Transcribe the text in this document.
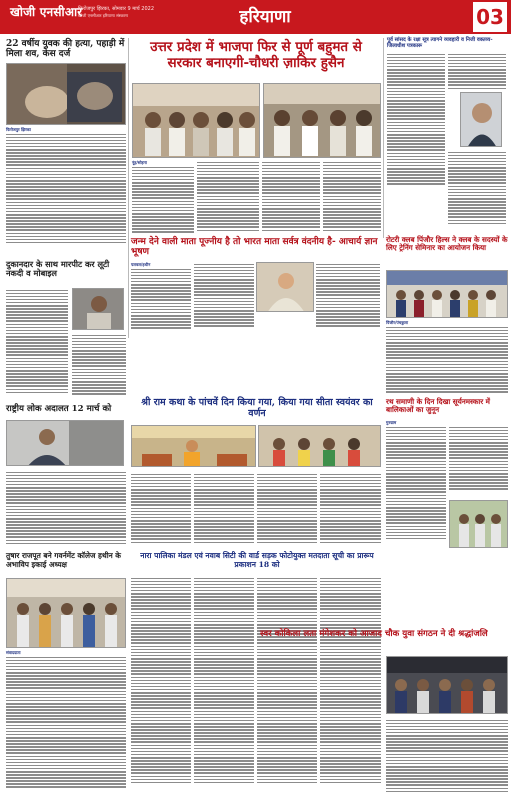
खोजी एनसीआर
फिरोजपुर झिरका, सोमवार 9 मार्च 2022
खोजी एनसीआर हरियाणा संस्करण	हरियाणा	03
22 वर्षीय युवक की हत्या, पहाड़ी में मिला शव, केस दर्ज
फिरोजपुर झिरका
उत्तर प्रदेश में भाजपा फिर से पूर्ण बहुमत से सरकार बनाएगी-चौधरी ज़ाकिर हुसैन
नूंह/सोहना
पूर्व सांसद के रक्षा सूत्र त्यागने व्यवहारी व निजी वक्तव्य-जिलाधीश पत्रकारू
जन्म देने वाली माता पूज्नीय है तो भारत माता सर्वत्र वंदनीय है- आचार्य ज्ञान भूषण
पलवल/हथीन
दुकानदार के साथ मारपीट कर लूटी नकदी व मोबाइल
रोटरी क्लब पिंजौर हिल्स ने क्लब के सदस्यों के लिए ट्रेनिंग सेमिनार का आयोजन किया
पिंजौर/पंचकुला
राष्ट्रीय लोक अदालत 12 मार्च को
श्री राम कथा के पांचवें दिन किया गया, किया गया सीता स्वयंवर का वर्णन
रथ समाणी के दिन दिखा सूर्यनमस्कार में बालिकाओं का जुनून
गुरुग्राम
तुषार राजपूत बने गवर्नमेंट कॉलेज हथीन के अभाविप इकाई अध्यक्ष
संवाददाता
नारा पालिका मंडल एवं नवाब सिटी की वार्ड सड़क फोटोयुक्त मतदाता सूची का प्रारूप प्रकाशन 18 को
स्वर कोकिला लता मंगेशकर को आजाद चौक युवा संगठन ने दी श्रद्धांजलि
